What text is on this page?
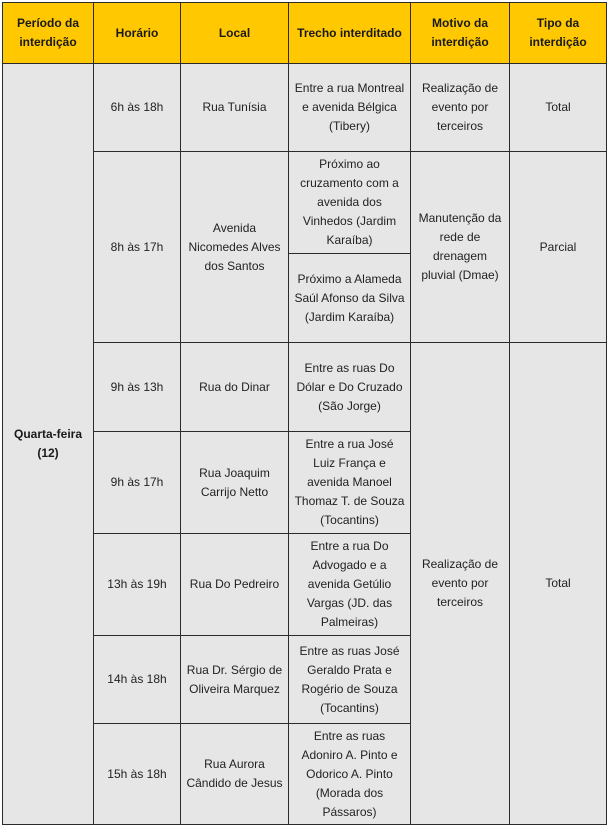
Período da interdição	Horário	Local	Trecho interditado	Motivo da interdição	Tipo da interdição
Quarta-feira (12)	6h às 18h	Rua Tunísia	Entre a rua Montreal e avenida Bélgica (Tibery)	Realização de evento por terceiros	Total
	8h às 17h	Avenida Nicomedes Alves dos Santos	Próximo ao cruzamento com a avenida dos Vinhedos (Jardim Karaíba)	Manutenção da rede de drenagem pluvial (Dmae)	Parcial
			Próximo a Alameda Saúl Afonso da Silva (Jardim Karaíba)		
	9h às 13h	Rua do Dinar	Entre as ruas Do Dólar e Do Cruzado (São Jorge)	Realização de evento por terceiros	Total
	9h às 17h	Rua Joaquim Carrijo Netto	Entre a rua José Luiz França e avenida Manoel Thomaz T. de Souza (Tocantins)		
	13h às 19h	Rua Do Pedreiro	Entre a rua Do Advogado e a avenida Getúlio Vargas (JD. das Palmeiras)		
	14h às 18h	Rua Dr. Sérgio de Oliveira Marquez	Entre as ruas José Geraldo Prata e Rogério de Souza (Tocantins)		
	15h às 18h	Rua Aurora Cândido de Jesus	Entre as ruas Adoniro A. Pinto e Odorico A. Pinto (Morada dos Pássaros)		
